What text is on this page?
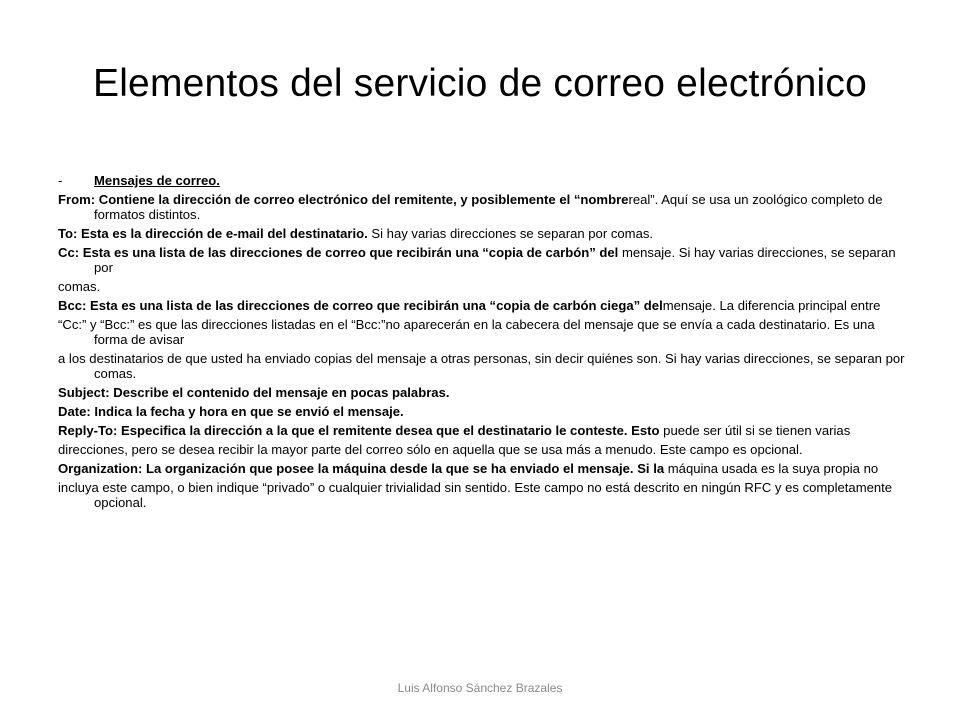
Elementos del servicio de correo electrónico

- Mensajes de correo.

From: Contiene la dirección de correo electrónico del remitente, y posiblemente el “nombrereal”. Aquí se usa un zoológico completo de formatos distintos.

To: Esta es la dirección de e-mail del destinatario. Si hay varias direcciones se separan por comas.

Cc: Esta es una lista de las direcciones de correo que recibirán una “copia de carbón” del mensaje. Si hay varias direcciones, se separan por

comas.

Bcc: Esta es una lista de las direcciones de correo que recibirán una “copia de carbón ciega” delmensaje. La diferencia principal entre

“Cc:” y “Bcc:” es que las direcciones listadas en el “Bcc:”no aparecerán en la cabecera del mensaje que se envía a cada destinatario. Es una forma de avisar

a los destinatarios de que usted ha enviado copias del mensaje a otras personas, sin decir quiénes son. Si hay varias direcciones, se separan por comas.

Subject: Describe el contenido del mensaje en pocas palabras.

Date: Indica la fecha y hora en que se envió el mensaje.

Reply-To: Especifica la dirección a la que el remitente desea que el destinatario le conteste. Esto puede ser útil si se tienen varias

direcciones, pero se desea recibir la mayor parte del correo sólo en aquella que se usa más a menudo. Este campo es opcional.

Organization: La organización que posee la máquina desde la que se ha enviado el mensaje. Si la máquina usada es la suya propia no

incluya este campo, o bien indique “privado” o cualquier trivialidad sin sentido. Este campo no está descrito en ningún RFC y es completamente opcional.

Luis Alfonso Sánchez Brazales
